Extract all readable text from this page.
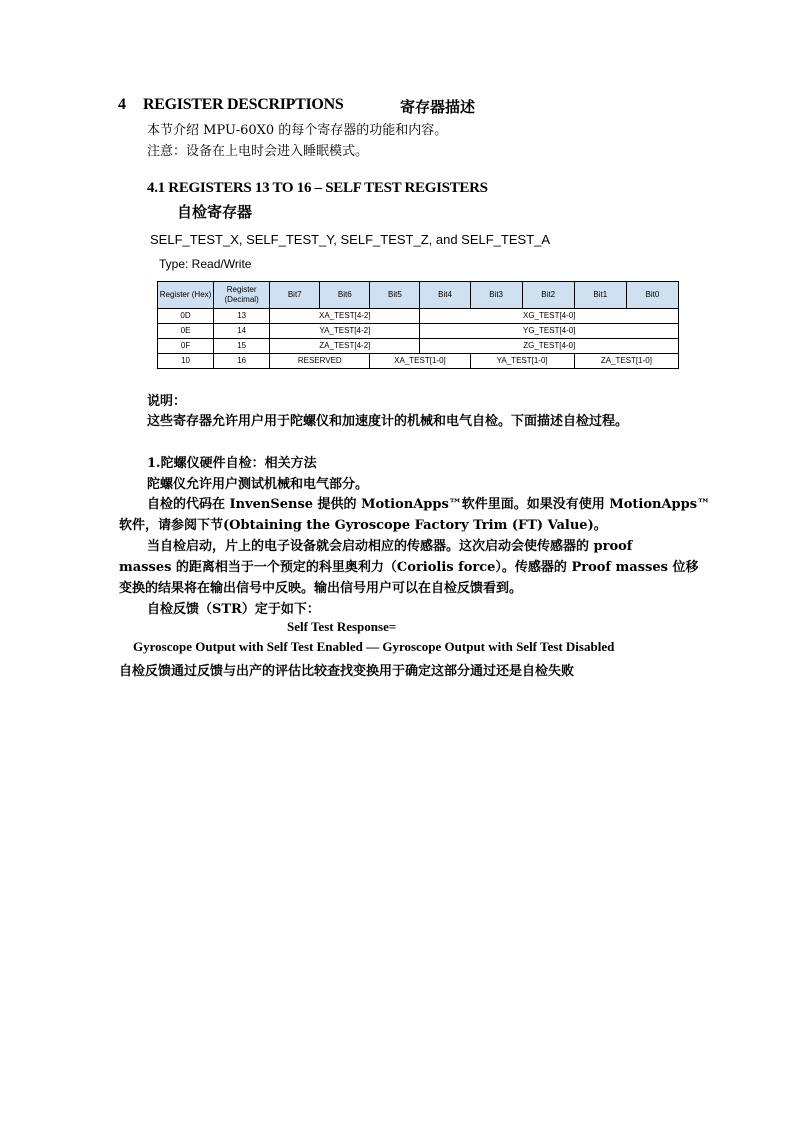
4 REGISTER DESCRIPTIONS	寄存器描述
本节介绍 MPU-60X0 的每个寄存器的功能和内容。
注意：设备在上电时会进入睡眠模式。
4.1 REGISTERS 13 TO 16 – SELF TEST REGISTERS
自检寄存器
SELF_TEST_X, SELF_TEST_Y, SELF_TEST_Z, and SELF_TEST_A
Type: Read/Write
Register (Hex)	Register (Decimal)	Bit7	Bit6	Bit5	Bit4	Bit3	Bit2	Bit1	Bit0
0D	13	XA_TEST[4-2]			XG_TEST[4-0]				
0E	14	YA_TEST[4-2]			YG_TEST[4-0]				
0F	15	ZA_TEST[4-2]			ZG_TEST[4-0]				
10	16	RESERVED		XA_TEST[1-0]		YA_TEST[1-0]		ZA_TEST[1-0]	
说明：
这些寄存器允许用户用于陀螺仪和加速度计的机械和电气自检。下面描述自检过程。
1.陀螺仪硬件自检：相关方法
陀螺仪允许用户测试机械和电气部分。
自检的代码在 InvenSense 提供的 MotionApps™软件里面。如果没有使用 MotionApps™
软件，请参阅下节(Obtaining the Gyroscope Factory Trim (FT) Value)。
当自检启动，片上的电子设备就会启动相应的传感器。这次启动会使传感器的 proof
masses 的距离相当于一个预定的科里奥利力（Coriolis force）。传感器的 Proof masses 位移
变换的结果将在输出信号中反映。输出信号用户可以在自检反馈看到。
自检反馈（STR）定于如下：
Self Test Response=
Gyroscope Output with Self Test Enabled — Gyroscope Output with Self Test Disabled
自检反馈通过反馈与出产的评估比较查找变换用于确定这部分通过还是自检失败
